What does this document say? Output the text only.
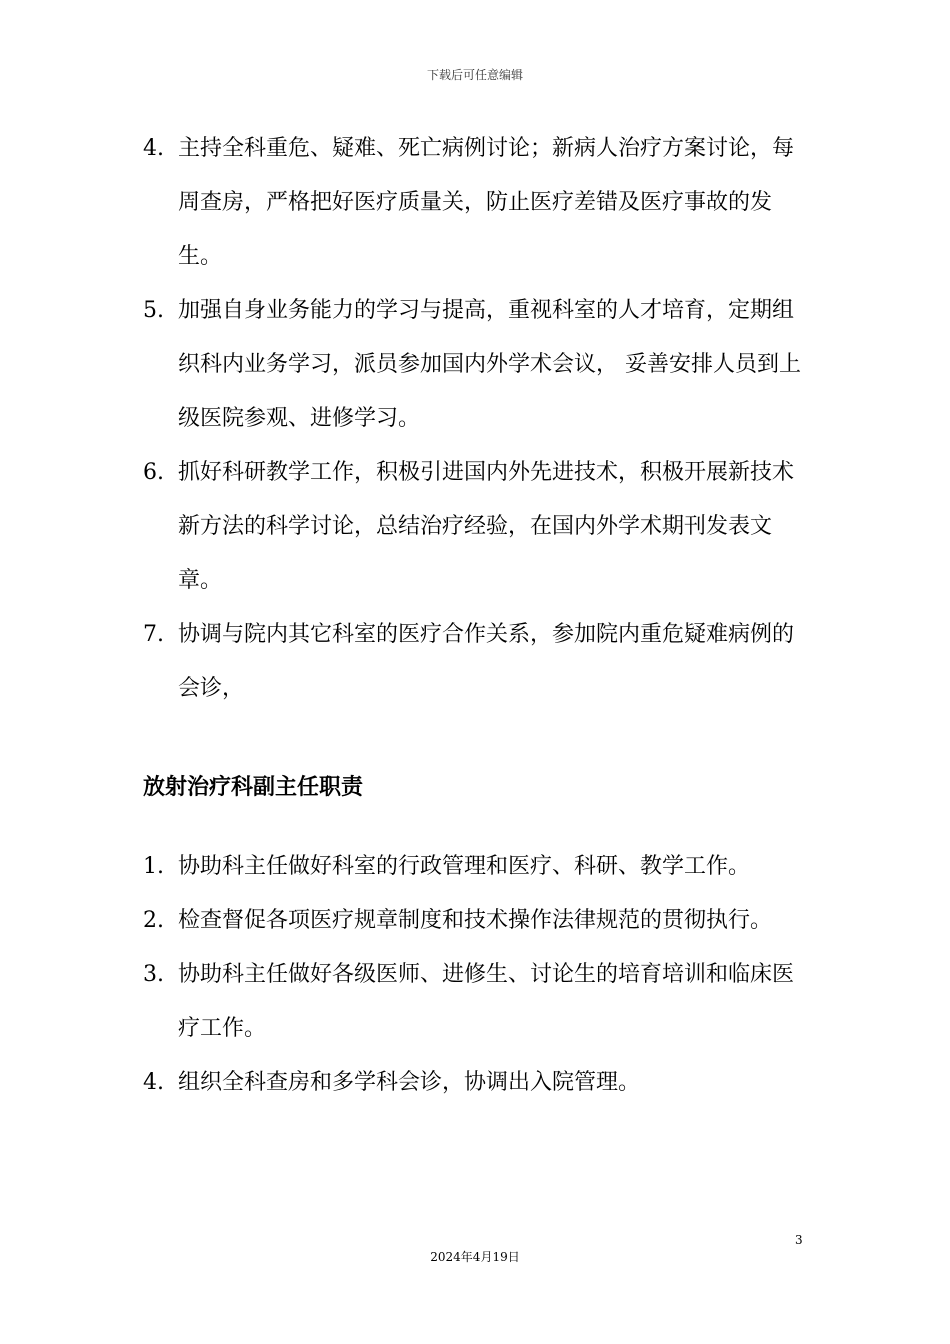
下载后可任意编辑
4. 主持全科重危、疑难、死亡病例讨论；新病人治疗方案讨论，每周查房，严格把好医疗质量关，防止医疗差错及医疗事故的发生。
5. 加强自身业务能力的学习与提高，重视科室的人才培育，定期组织科内业务学习，派员参加国内外学术会议， 妥善安排人员到上级医院参观、进修学习。
6. 抓好科研教学工作，积极引进国内外先进技术，积极开展新技术新方法的科学讨论，总结治疗经验，在国内外学术期刊发表文章。
7. 协调与院内其它科室的医疗合作关系，参加院内重危疑难病例的会诊，
放射治疗科副主任职责
1. 协助科主任做好科室的行政管理和医疗、科研、教学工作。
2. 检查督促各项医疗规章制度和技术操作法律规范的贯彻执行。
3. 协助科主任做好各级医师、进修生、讨论生的培育培训和临床医疗工作。
4. 组织全科查房和多学科会诊，协调出入院管理。
3
2024年4月19日
